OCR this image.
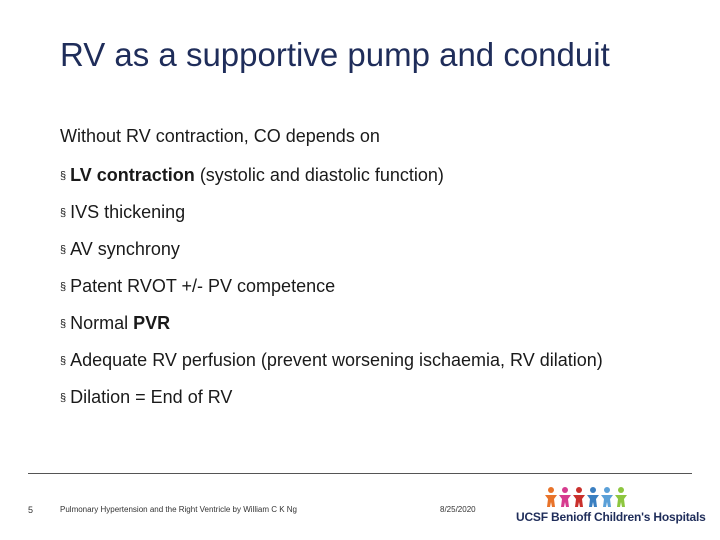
RV as a supportive pump and conduit
Without RV contraction, CO depends on
§ LV contraction (systolic and diastolic function)
§ IVS thickening
§ AV synchrony
§ Patent RVOT +/- PV competence
§ Normal PVR
§ Adequate RV perfusion (prevent worsening ischaemia, RV dilation)
§ Dilation = End of RV
5	Pulmonary Hypertension and the Right Ventricle by William C K Ng	8/25/2020
UCSF Benioff Children's Hospitals
